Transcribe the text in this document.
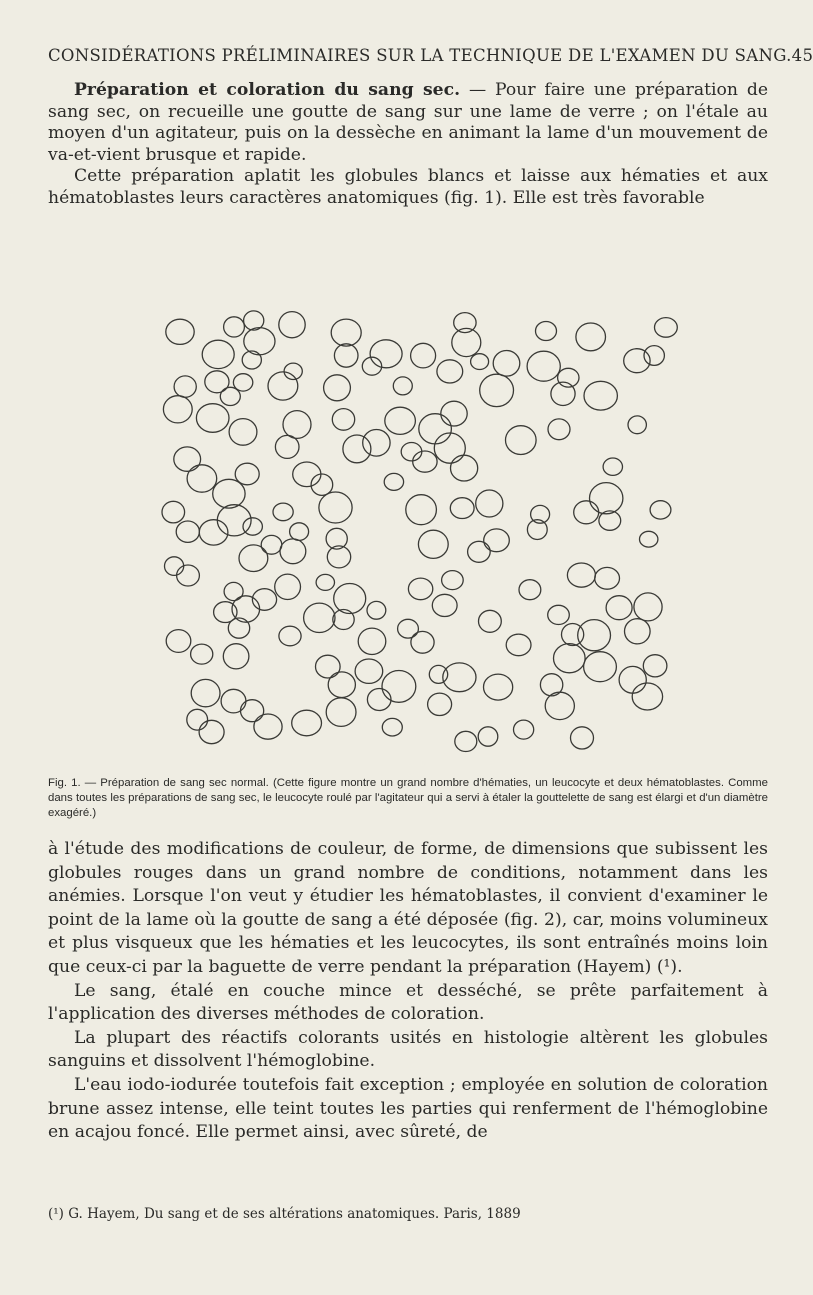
CONSIDÉRATIONS PRÉLIMINAIRES SUR LA TECHNIQUE DE L'EXAMEN DU SANG. 45

Préparation et coloration du sang sec. — Pour faire une préparation de sang sec, on recueille une goutte de sang sur une lame de verre ; on l'étale au moyen d'un agitateur, puis on la dessèche en animant la lame d'un mouvement de va-et-vient brusque et rapide.

Cette préparation aplatit les globules blancs et laisse aux hématies et aux hématoblastes leurs caractères anatomiques (fig. 1). Elle est très favorable

Fig. 1. — Préparation de sang sec normal. (Cette figure montre un grand nombre d'hématies, un leucocyte et deux hématoblastes. Comme dans toutes les préparations de sang sec, le leucocyte roulé par l'agitateur qui a servi à étaler la gouttelette de sang est élargi et d'un diamètre exagéré.)

à l'étude des modifications de couleur, de forme, de dimensions que subissent les globules rouges dans un grand nombre de conditions, notamment dans les anémies. Lorsque l'on veut y étudier les hématoblastes, il convient d'examiner le point de la lame où la goutte de sang a été déposée (fig. 2), car, moins volumineux et plus visqueux que les hématies et les leucocytes, ils sont entraînés moins loin que ceux-ci par la baguette de verre pendant la préparation (Hayem) (¹).

Le sang, étalé en couche mince et desséché, se prête parfaitement à l'application des diverses méthodes de coloration.

La plupart des réactifs colorants usités en histologie altèrent les globules sanguins et dissolvent l'hémoglobine.

L'eau iodo-iodurée toutefois fait exception ; employée en solution de coloration brune assez intense, elle teint toutes les parties qui renferment de l'hémoglobine en acajou foncé. Elle permet ainsi, avec sûreté, de

(¹) G. Hayem, Du sang et de ses altérations anatomiques. Paris, 1889
